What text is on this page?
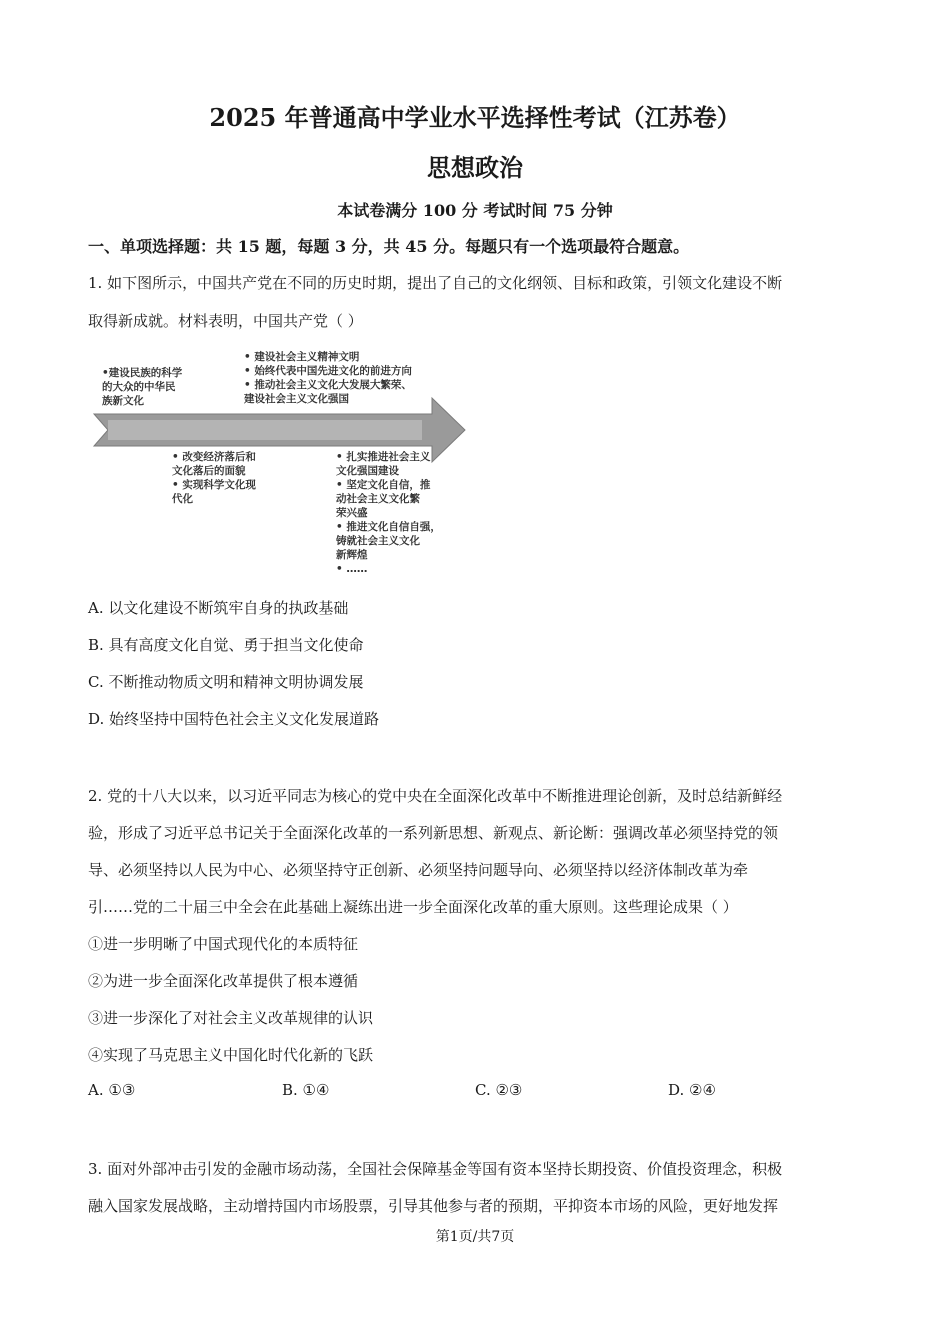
2025 年普通高中学业水平选择性考试（江苏卷）
思想政治
本试卷满分 100 分 考试时间 75 分钟
一、单项选择题：共 15 题，每题 3 分，共 45 分。每题只有一个选项最符合题意。
1. 如下图所示，中国共产党在不同的历史时期，提出了自己的文化纲领、目标和政策，引领文化建设不断
取得新成就。材料表明，中国共产党（ ）
•建设民族的科学
的大众的中华民
族新文化
• 建设社会主义精神文明
• 始终代表中国先进文化的前进方向
• 推动社会主义文化大发展大繁荣、
建设社会主义文化强国
• 改变经济落后和
文化落后的面貌
• 实现科学文化现
代化
• 扎实推进社会主义
文化强国建设
• 坚定文化自信，推
动社会主义文化繁
荣兴盛
• 推进文化自信自强，
铸就社会主义文化
新辉煌
• ……
A. 以文化建设不断筑牢自身的执政基础
B. 具有高度文化自觉、勇于担当文化使命
C. 不断推动物质文明和精神文明协调发展
D. 始终坚持中国特色社会主义文化发展道路
2. 党的十八大以来，以习近平同志为核心的党中央在全面深化改革中不断推进理论创新，及时总结新鲜经
验，形成了习近平总书记关于全面深化改革的一系列新思想、新观点、新论断：强调改革必须坚持党的领
导、必须坚持以人民为中心、必须坚持守正创新、必须坚持问题导向、必须坚持以经济体制改革为牵
引……党的二十届三中全会在此基础上凝练出进一步全面深化改革的重大原则。这些理论成果（ ）
①进一步明晰了中国式现代化的本质特征
②为进一步全面深化改革提供了根本遵循
③进一步深化了对社会主义改革规律的认识
④实现了马克思主义中国化时代化新的飞跃
A. ①③	B. ①④	C. ②③	D. ②④
3. 面对外部冲击引发的金融市场动荡，全国社会保障基金等国有资本坚持长期投资、价值投资理念，积极
融入国家发展战略，主动增持国内市场股票，引导其他参与者的预期，平抑资本市场的风险，更好地发挥
第1页/共7页
